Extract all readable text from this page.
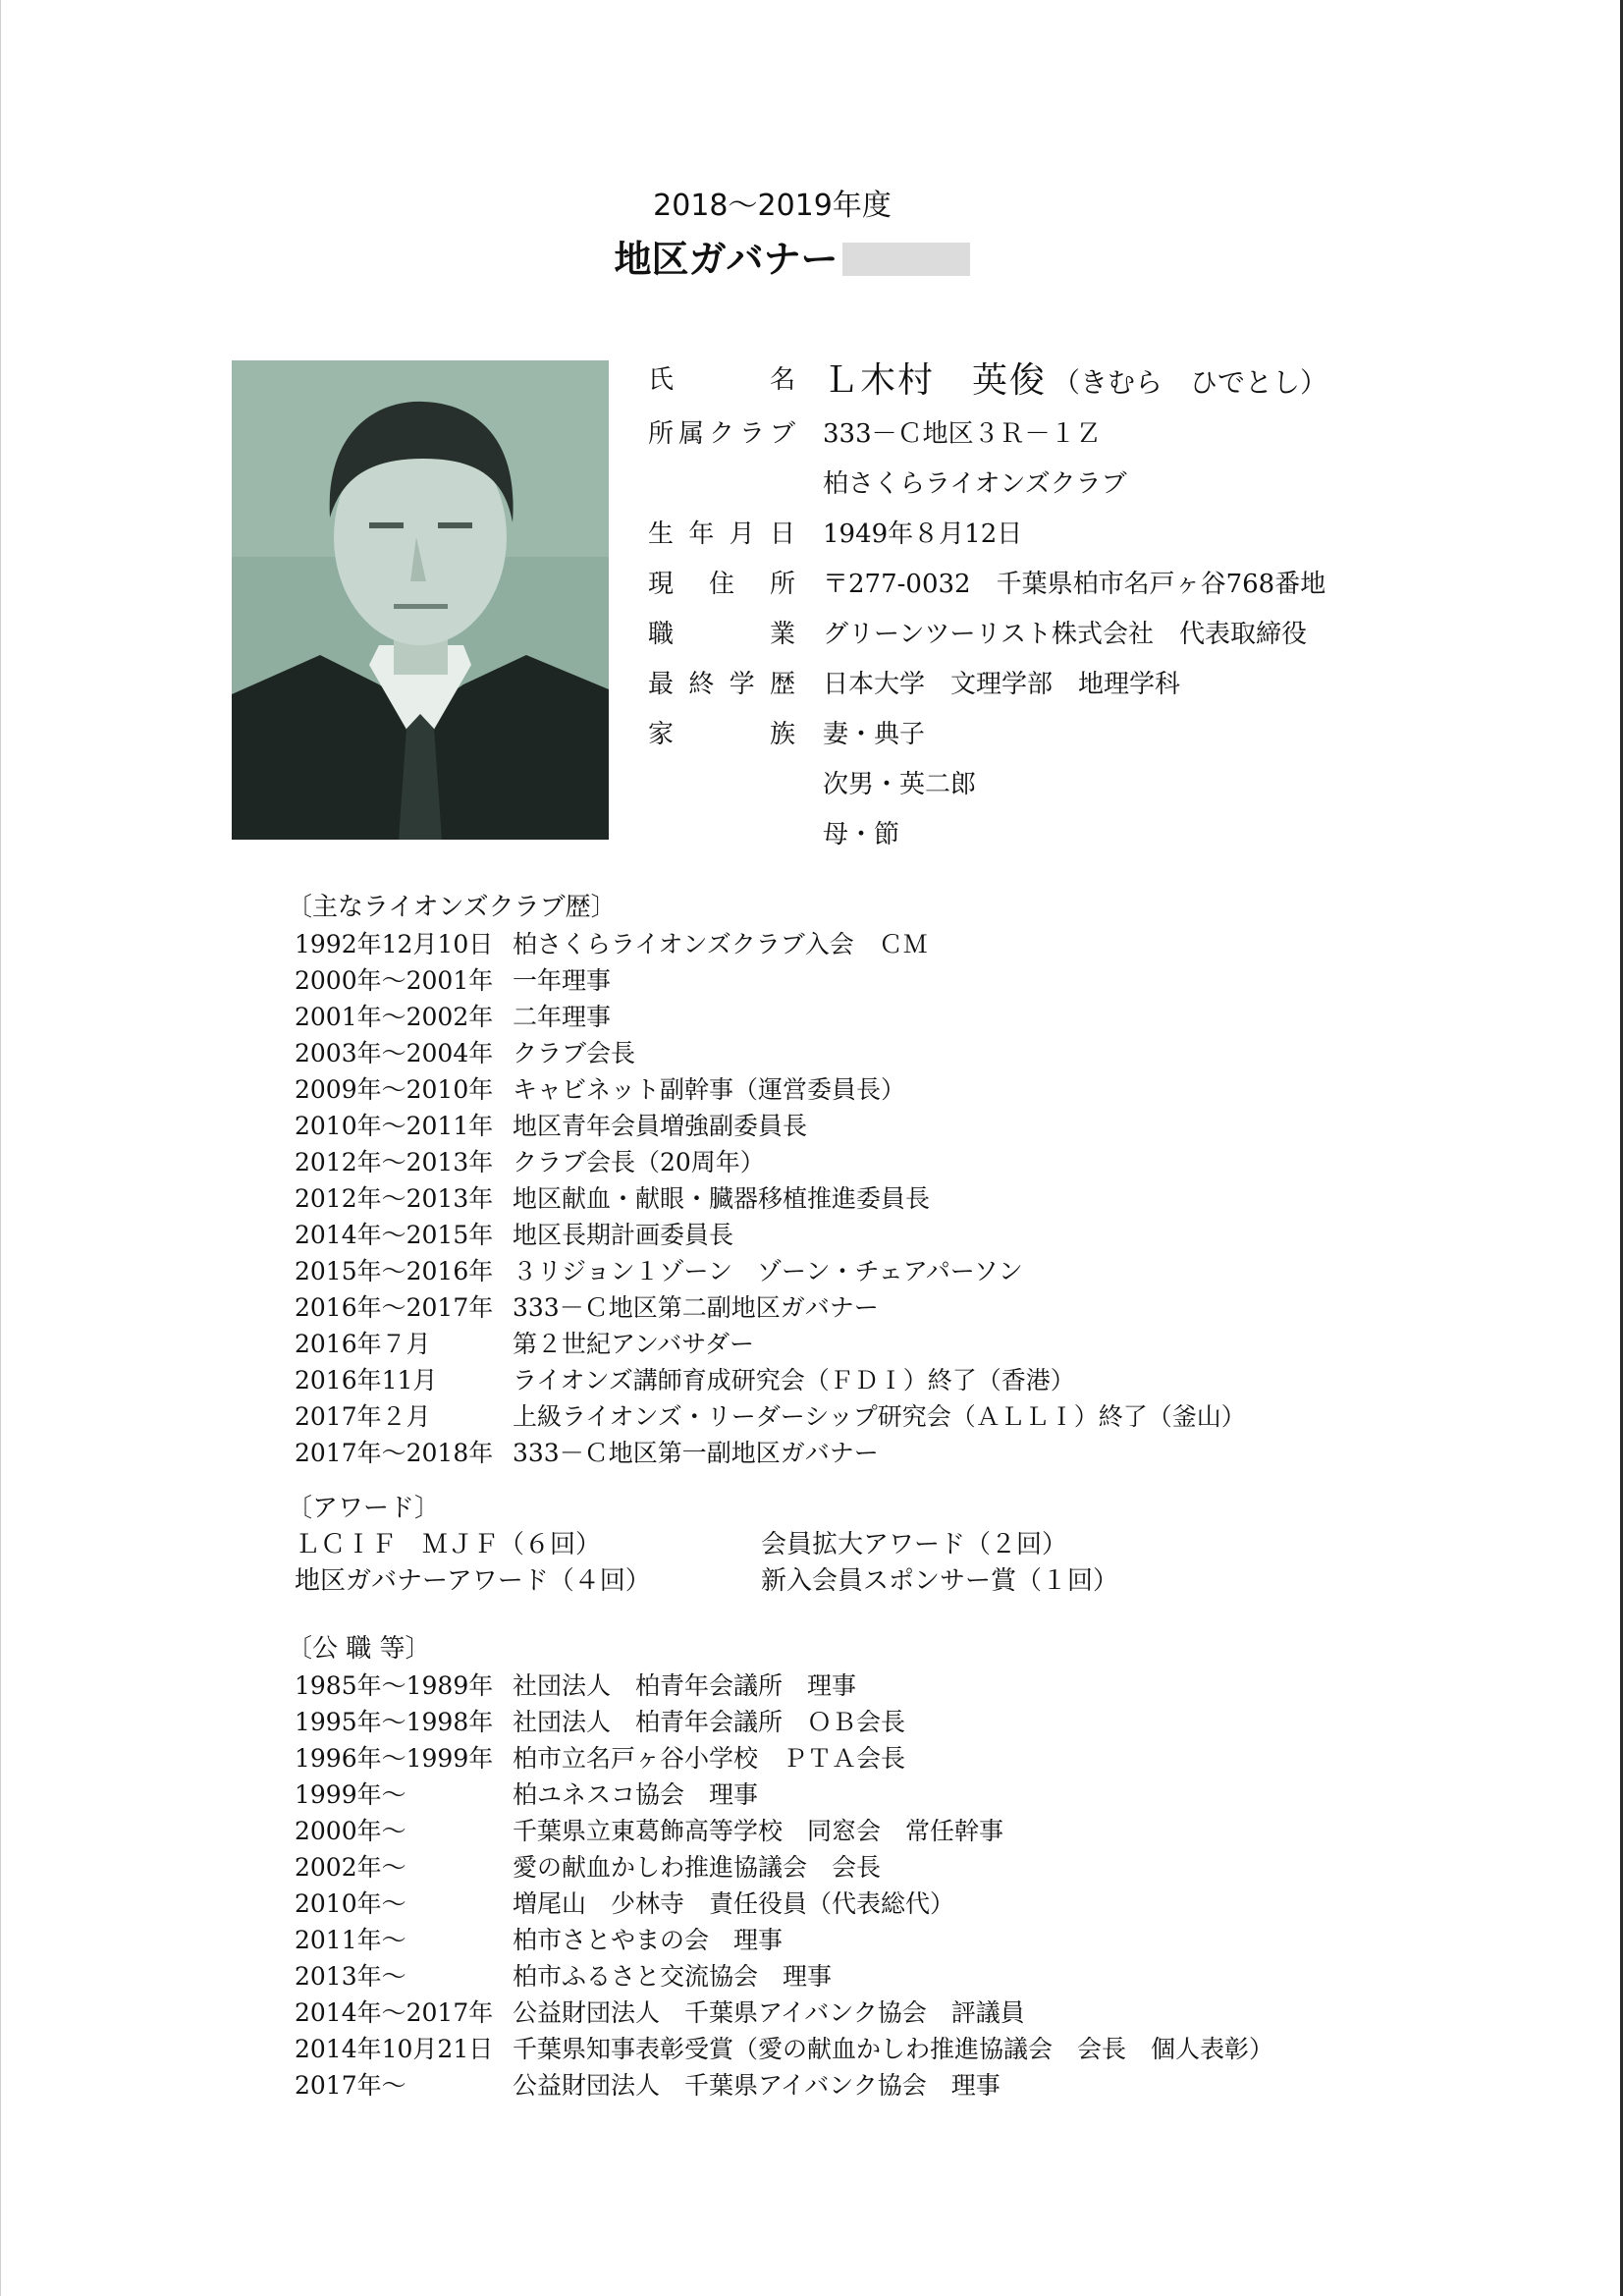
2018～2019年度
地区ガバナー
氏名 Ｌ木村　英俊 （きむら　ひでとし）
所属クラブ 333－Ｃ地区３Ｒ－１Ｚ
柏さくらライオンズクラブ
生年月日 1949年８月12日
現住所 〒277-0032　千葉県柏市名戸ヶ谷768番地
職業 グリーンツーリスト株式会社　代表取締役
最終学歴 日本大学　文理学部　地理学科
家族 妻・典子
次男・英二郎
母・節
〔主なライオンズクラブ歴〕
1992年12月10日 柏さくらライオンズクラブ入会　ＣＭ
2000年～2001年 一年理事
2001年～2002年 二年理事
2003年～2004年 クラブ会長
2009年～2010年 キャビネット副幹事（運営委員長）
2010年～2011年 地区青年会員増強副委員長
2012年～2013年 クラブ会長（20周年）
2012年～2013年 地区献血・献眼・臓器移植推進委員長
2014年～2015年 地区長期計画委員長
2015年～2016年 ３リジョン１ゾーン　ゾーン・チェアパーソン
2016年～2017年 333－Ｃ地区第二副地区ガバナー
2016年７月	第２世紀アンバサダー
2016年11月	ライオンズ講師育成研究会（ＦＤＩ）終了（香港）
2017年２月	上級ライオンズ・リーダーシップ研究会（ＡＬＬＩ）終了（釜山）
2017年～2018年 333－Ｃ地区第一副地区ガバナー
〔アワード〕
ＬＣＩＦ　ＭＪＦ（６回）	会員拡大アワード（２回）
地区ガバナーアワード（４回）	新入会員スポンサー賞（１回）
〔公 職 等〕
1985年～1989年 社団法人　柏青年会議所　理事
1995年～1998年 社団法人　柏青年会議所　ＯＢ会長
1996年～1999年 柏市立名戸ヶ谷小学校　ＰＴＡ会長
1999年～	柏ユネスコ協会　理事
2000年～	千葉県立東葛飾高等学校　同窓会　常任幹事
2002年～	愛の献血かしわ推進協議会　会長
2010年～	増尾山　少林寺　責任役員（代表総代）
2011年～	柏市さとやまの会　理事
2013年～	柏市ふるさと交流協会　理事
2014年～2017年 公益財団法人　千葉県アイバンク協会　評議員
2014年10月21日 千葉県知事表彰受賞（愛の献血かしわ推進協議会　会長　個人表彰）
2017年～	公益財団法人　千葉県アイバンク協会　理事
